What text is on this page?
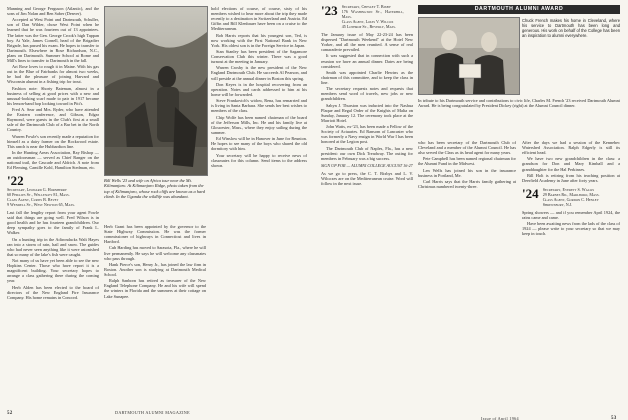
Manning and George Ferguson (Atlantic), and the sons of Jim Nolan and Ben Saber (Denver).

Accepted at West Point and Dartmouth, Schuller, son of Dan Wilder, chose West Point when he learned that he was fourteen out of 13 appointees. The latter was the Gen. George Crook's high Tappan boy. At Yale, James Cornell, head of the Brigadier Brigade, has passed his exam. He hopes to transfer to Dartmouth. Elsewhere in Rose Richardson, N.C., plans on Dartmouth. Summer School at Rome and Mill's lines to transfer to Dartmouth in the fall.

Art Rose loves to rough it in Maine. With his gas out in the Blue of Fairbanks for almost two weeks, he had the pleasure of joining Harvard and Wisconsin alumni in a fishing trip for trout.

Fashion note: Shorty Bateman, almost in a business of selling at good prices with a new and unusual-looking scarf made to pair in 1917 became his lemon-band hop looking toward in Pitt's.

Fred A. Sear and Mrs. Ryder, who have attended the Eastern conference, and Gibson, Edgar Raymond, were guests in the Club's first at a small sale of the Dartmouth Club of a Bar bet in the North Country.

Warren Fowle's son recently made a reputation for himself as a dairy farmer on the Rockwood estate. This ranch is near the Hubbardton line.

In the Hunting Areas Association, Ray Bishop — an outdoorsman — served as Chief Ranger on the national trail, the Cascade and Aldrich. A note from Ed Fleming, Camille Kohl, Hamilton Stedman, etc.

'22 Secretary, Leonard G. Hornberry
60 Phillips St., Wellesley 81, Mass.
Class Agent, Curtis B. Revet
9 Wendell St., West Newton 65, Mass.

Last fall the lengthy report from your agent Fowle said that things are going well. Fred Wilson is in good health and he has fourteen grandchildren. Our deep sympathy goes to the family of Frank L. Walker.

On a hunting trip in the Adirondacks Walt Hayes ran into a storm of rain, hail and snow. The guides who had never seen anything like it were astonished that so many of the lake's fish were caught.

Not many of us have yet been able to see the new Hopkins Center. Those who have report it is a magnificent building. Your secretary hopes to arrange a class gathering there during the coming year.

Herb Alden has been elected to the board of directors of the New England Fire Insurance Company. His home remains in Concord.

Bill Wells '23 and wife on Africa tour near the Mt. Kilimanjaro. At Kilimanjaro Ridge, photo taken from the top of Kilimanjaro, whose rock cliffs are known as a hard climb. In the Uganda the wildlife was abundant.

Herb Grant has been appointed by the governor to the State Highway Commission. He was the former commissioner of highways in Connecticut and lives in Hartford.

Cub Harding has moved to Sarasota, Fla., where he will live permanently. He says he will welcome any classmates who pass through.

Hank Pierce's son, Henry Jr., has joined the law firm in Boston. Another son is studying at Dartmouth Medical School.

Ralph Sanborn has retired as treasurer of the New England Telephone Company. He and his wife will spend the winters in Florida and the summers at their cottage on Lake Sunapee.

hold elections of course, of course, sixty of his members wished to hear more about the trip they made recently to a destination in Switzerland and Austria. Ed Giffin and Bill Klenbauer have been on a cruise to the Mediterranean.

Bob Harris reports that his youngest son, Ted, is now working with the First National Bank in New York. His oldest son is in the Foreign Service in Japan.

Stan Stanley has been president of the Sagamore Conservation Club this winter. There was a good turnout at the meeting in January.

Warren Crosby is the new president of the New England Dartmouth Club. He succeeds Al Pearson, and will preside at the annual dinner in Boston this spring.

Don Keyes is in the hospital recovering from an operation. Notes and cards addressed to him at his home will be forwarded.

Steve Frankovich's widow, Rena, has remarried and is living in Santa Barbara. She sends her best wishes to members of the class.

Chip Wolfe has been named chairman of the board of the Jefferson Mills, Inc. He and his family live at Gloucester, Mass., where they enjoy sailing during the summer.

Ed Winslow will be in Hanover in June for Reunion. He hopes to see many of the boys who shared the old dormitory with him.

Your secretary will be happy to receive news of classmates for this column. Send items to the address shown.

52	DARTMOUTH ALUMNI MAGAZINE
'23 Secretary, Chesley T. Bixby
176 Washington St., Haverhill, Mass.
Class Agent, Louis V. Wilcox
45 Lothrop St., Beverly, Mass.

The January issue of May 22-23-24 has been dispersed "Dartmouth Weekend" at the Hotel New Yorker, and all the men reunited. A sense of real camaraderie prevailed.

It was suggested that in connection with such a reunion we have an annual dinner. Dates are being considered.

Smith was appointed Charlie Hewins as the chairman of this committee, and to keep the class in line.

The secretary requests notes and requests that members send word of travels, new jobs or new grandchildren.

Sabyn J. Thurston was inducted into the Nashua Plaque and Regal Order of the Knights of Malta on Sunday, January 12. The ceremony took place at the Marriott Hotel.

John Watts, ex-'23, has been made a Fellow of the Society of Actuaries. Ed Ransom of Lancaster who was formerly a Navy ensign in World War I has been honored at the Legion post.

The Dartmouth Club of Naples, Fla., has a new president: our own Dick Treadway. The outing for members in February was a big success.

SIGN UP FOR — ALUMNI COLLEGE AUGUST 16-27

As we go to press, the C. T. Bixbys and L. V. Wilcoxes are on the Mediterranean cruise. Word will follow in the next issue.

DARTMOUTH ALUMNI AWARD
Chuck French makes his home in Cleveland, where his service to Dartmouth has been long and generous. His work on behalf of the College has been an inspiration to alumni everywhere.

In tribute to his Dartmouth service and contributions to civic life, Charles M. French '23 received Dartmouth Alumni Award. He is being congratulated by President Dickey (right) at the Alumni Council dinner.

who has been secretary of the Dartmouth Club of Cleveland and a member of the Alumni Council. He has also served the Class as its head agent for many years.

Pete Campbell has been named regional chairman for the Alumni Fund in the Midwest.

Len Wells has joined his son in the insurance business in Portland, Me.

Carl Harris says that the Harris family gathering at Christmas numbered twenty-three.

After the days we had a session of the Kennebec Watershed Association. Ralph Edgerly is still its efficient head.

We have two new grandchildren in the class: a grandson for Don and Mary Kimball and a granddaughter for the Hal Perkinses.

Bill Holt is retiring from his teaching position at Deerfield Academy in June after forty years.

'24 Secretary, Everett S. Wallis
29 Barnes Rd., Marlboro, Mass.
Class Agent, Gordon C. Henley
Shrewsbury, N.J.

Spring showers — and if you remember April 1924, the rains came and came.

Have been awaiting news from the lads of the class of 1924 — please write to your secretary so that we may keep in touch.

Issue of April 1964	53
